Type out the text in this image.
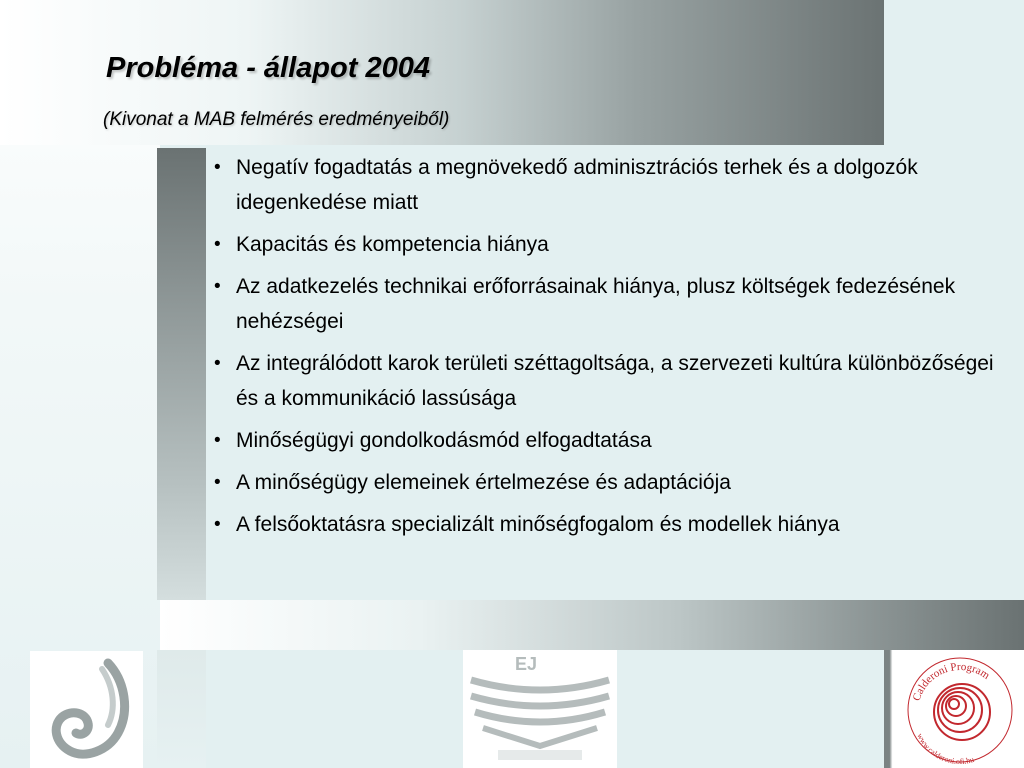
Probléma - állapot 2004
(Kivonat a MAB felmérés eredményeiből)
• Negatív fogadtatás a megnövekedő adminisztrációs terhek és a dolgozók idegenkedése miatt
• Kapacitás és kompetencia hiánya
• Az adatkezelés technikai erőforrásainak hiánya, plusz költségek fedezésének nehézségei
• Az integrálódott karok területi széttagoltsága, a szervezeti kultúra különbözőségei és a kommunikáció lassúsága
• Minőségügyi gondolkodásmód elfogadtatása
• A minőségügy elemeinek értelmezése és adaptációja
• A felsőoktatásra specializált minőségfogalom és modellek hiánya
EJ
Calderoni Program
www.calderoni.ofi.hu
